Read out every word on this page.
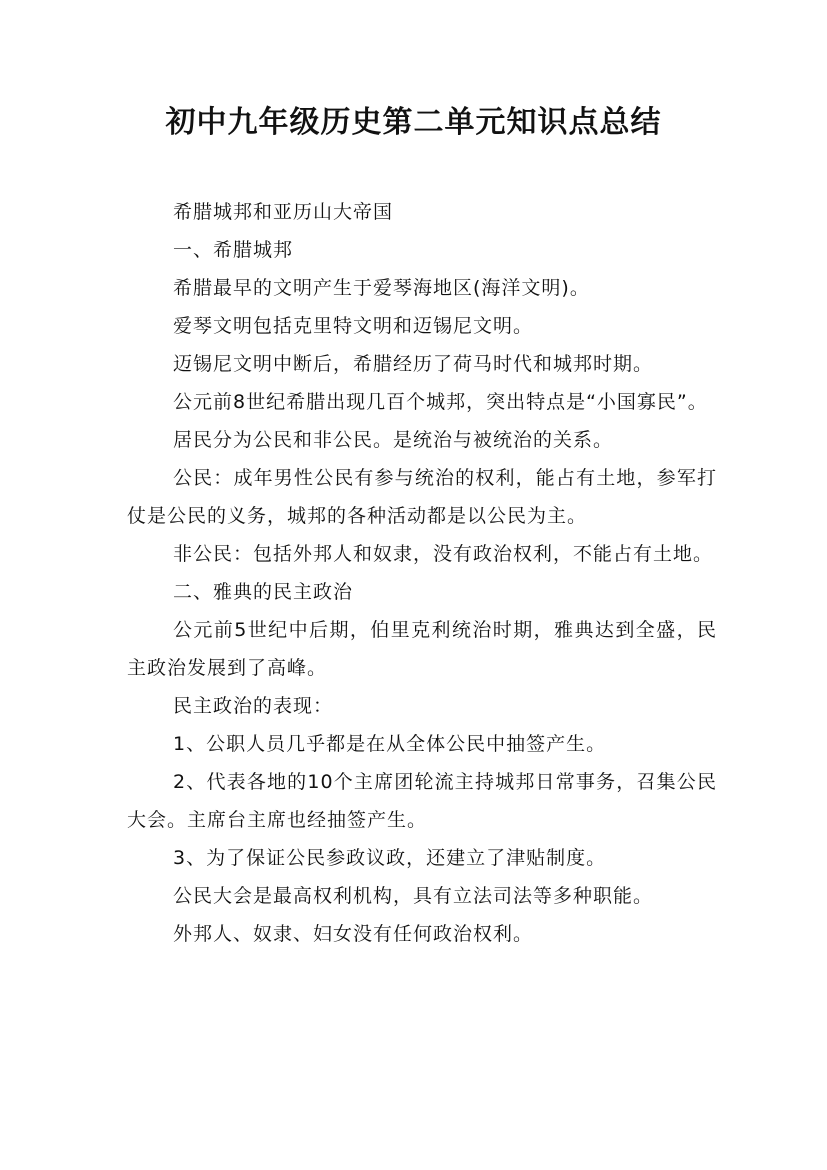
初中九年级历史第二单元知识点总结

希腊城邦和亚历山大帝国

一、希腊城邦

希腊最早的文明产生于爱琴海地区(海洋文明)。

爱琴文明包括克里特文明和迈锡尼文明。

迈锡尼文明中断后，希腊经历了荷马时代和城邦时期。

公元前8世纪希腊出现几百个城邦，突出特点是“小国寡民”。

居民分为公民和非公民。是统治与被统治的关系。

公民：成年男性公民有参与统治的权利，能占有土地，参军打仗是公民的义务，城邦的各种活动都是以公民为主。

非公民：包括外邦人和奴隶，没有政治权利，不能占有土地。

二、雅典的民主政治

公元前5世纪中后期，伯里克利统治时期，雅典达到全盛，民主政治发展到了高峰。

民主政治的表现：

1、公职人员几乎都是在从全体公民中抽签产生。

2、代表各地的10个主席团轮流主持城邦日常事务，召集公民大会。主席台主席也经抽签产生。

3、为了保证公民参政议政，还建立了津贴制度。

公民大会是最高权利机构，具有立法司法等多种职能。

外邦人、奴隶、妇女没有任何政治权利。
